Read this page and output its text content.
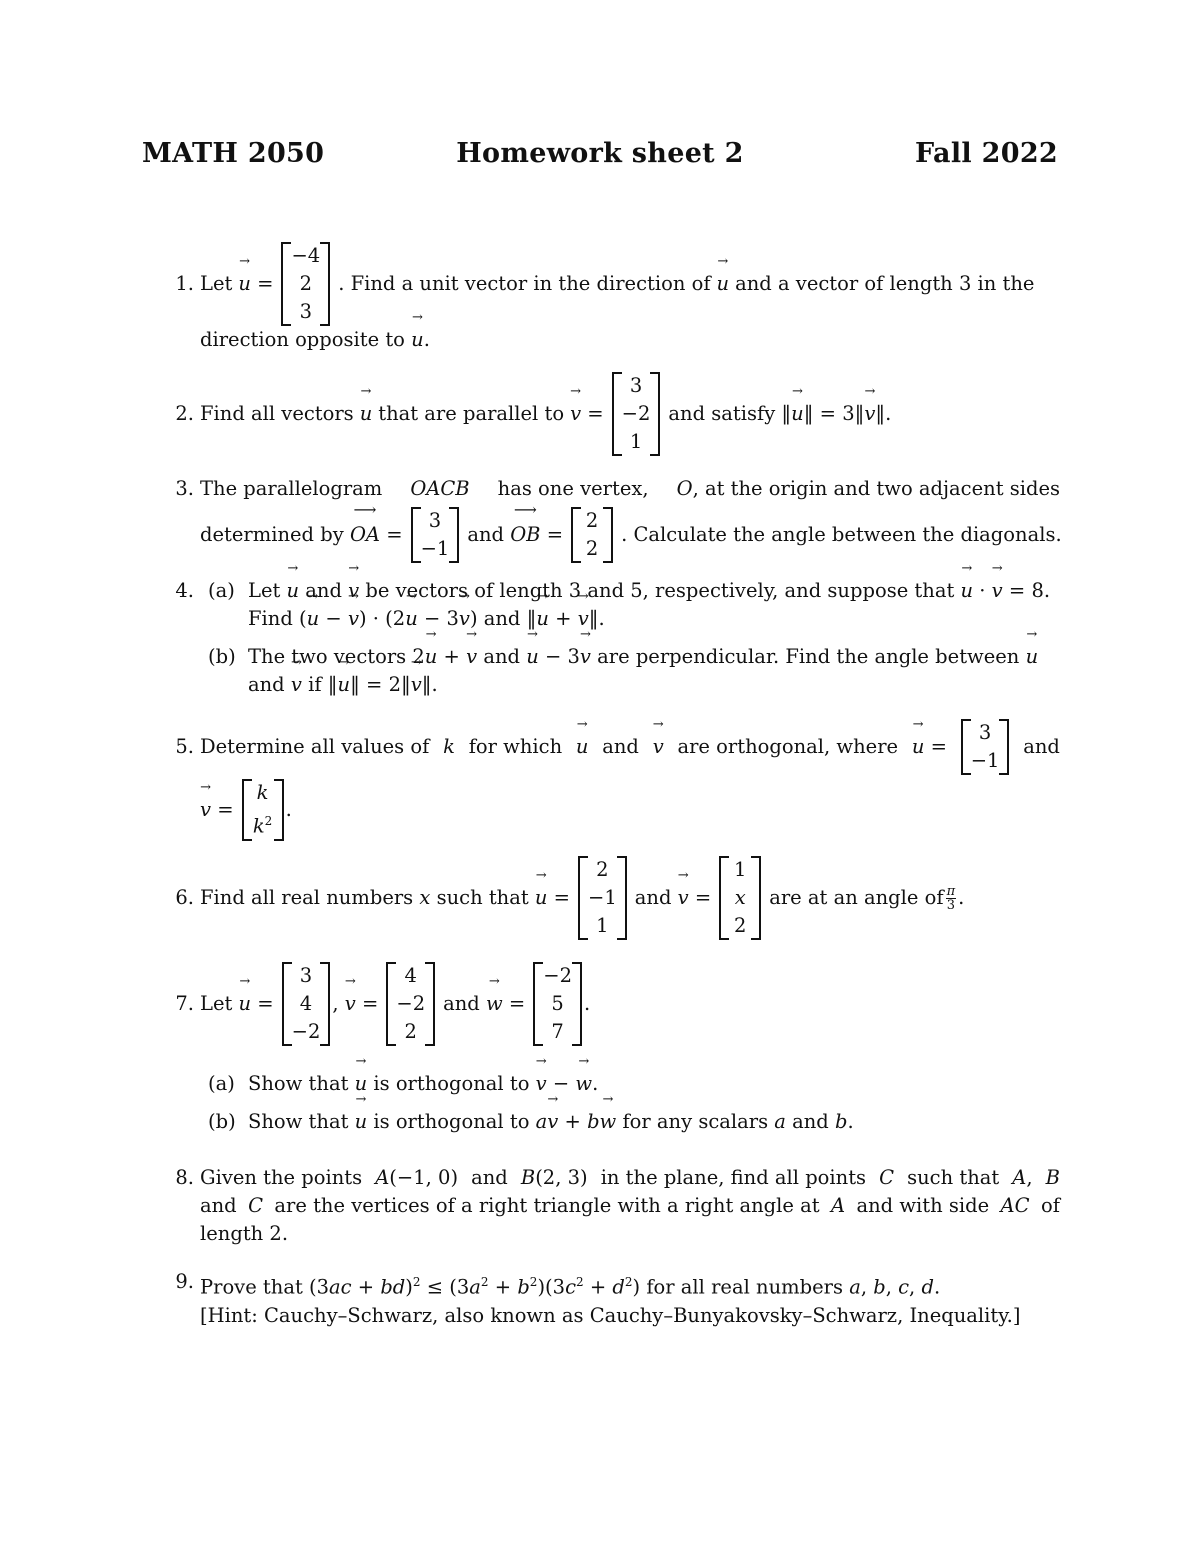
MATH 2050	Homework sheet 2	Fall 2022
1. Let → u =
−4
2
3
. Find a unit vector in the direction of → u and a vector of length 3 in the
direction opposite to → u.
2. Find all vectors → u that are parallel to → v =
3
−2
1
and satisfy ‖ → u ‖ = 3‖ → v ‖.
3. The parallelogram OACB has one vertex, O, at the origin and two adjacent sides
determined by
⟶ OA =
3
−1
and
⟶ OB =
2
2
. Calculate the angle between the diagonals.
4. (a) Let → u and → v be vectors of length 3 and 5, respectively, and suppose that → u · → v = 8.
Find (→ u − → v) · (2→ u − 3→ v) and ‖→ u + → v‖.
(b) The two vectors 2→ u + → v and → u − 3→ v are perpendicular. Find the angle between → u
and → v if ‖→ u‖ = 2‖→ v‖.
5. Determine all values of k for which → u and → v are orthogonal, where → u =
3
−1
and
→ v =
k
$k^2$
.
6. Find all real numbers
x
such that
→ u =
2
−1
1
and
→ v =
1
x
2
are at an angle of $\frac{\pi}{3}$ .
7. Let
→ u =
3
4
−2
,
→ v =
4
−2
2
and
→ w =
−2
5
7
.
(a) Show that → u is orthogonal to → v − → w.
(b) Show that → u is orthogonal to a→ v + b→ w for any scalars a and b.
8. Given the points A(−1, 0) and B(2, 3) in the plane, find all points C such that A, B
and C are the vertices of a right triangle with a right angle at A and with side AC of
length 2.
9. Prove that $(3ac + bd)^2 \le (3a^2 + b^2)(3c^2 + d^2)$ for all real numbers a, b, c, d.
[Hint: Cauchy–Schwarz, also known as Cauchy–Bunyakovsky–Schwarz, Inequality.]
